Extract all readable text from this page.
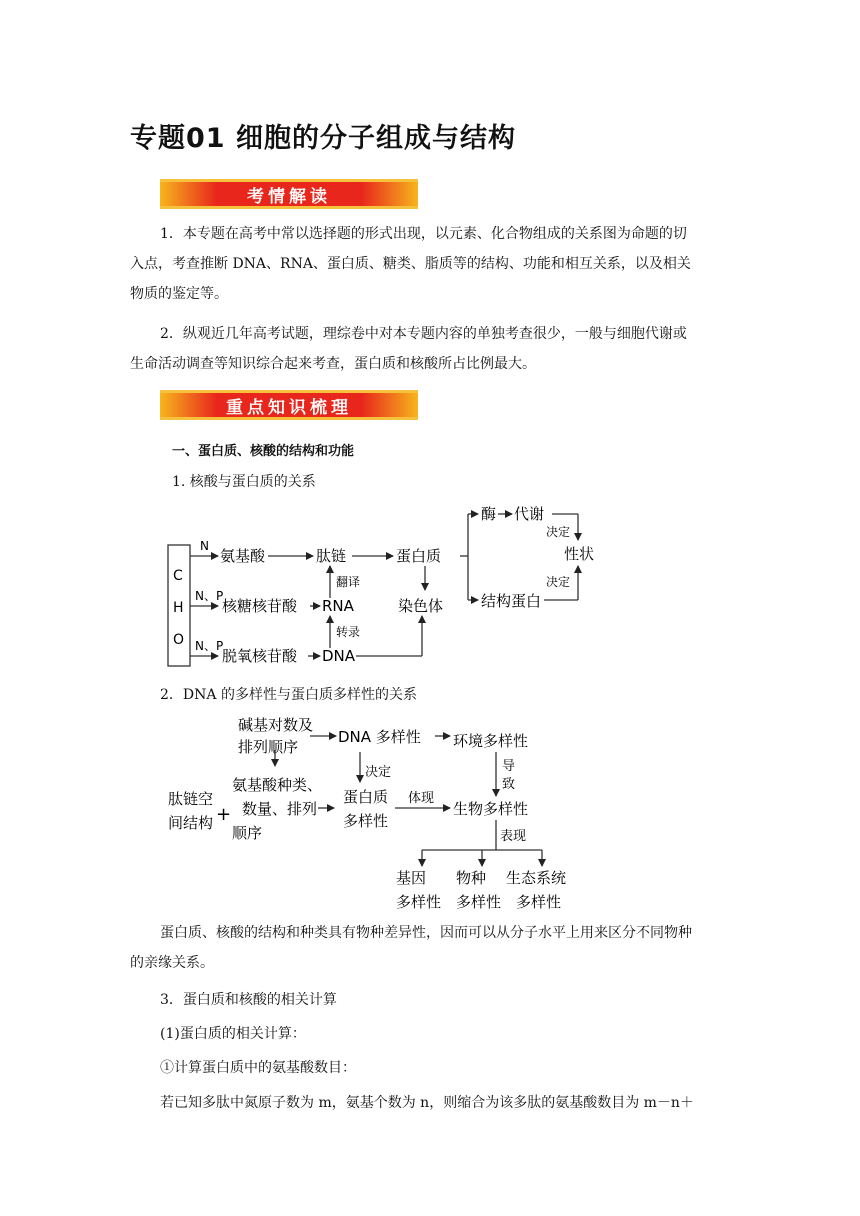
专题01 细胞的分子组成与结构
考情解读
1．本专题在高考中常以选择题的形式出现，以元素、化合物组成的关系图为命题的切
入点，考查推断 DNA、RNA、蛋白质、糖类、脂质等的结构、功能和相互关系，以及相关
物质的鉴定等。
2．纵观近几年高考试题，理综卷中对本专题内容的单独考查很少，一般与细胞代谢或
生命活动调查等知识综合起来考查，蛋白质和核酸所占比例最大。
重点知识梳理
一、蛋白质、核酸的结构和功能
1. 核酸与蛋白质的关系
C
H
O
N
N、P
N、P
氨基酸	肽链	蛋白质
酶 代谢
决定
性状
决定
结构蛋白
核糖核苷酸 RNA
翻译
染色体
脱氧核苷酸 DNA
转录
2．DNA 的多样性与蛋白质多样性的关系
碱基对数及
排列顺序
DNA 多样性 环境多样性
氨基酸种类、
数量、排列
顺序
决定	导
致
肽链空
间结构 +
蛋白质
多样性
体现
生物多样性
表现
基因
多样性
物种
多样性
生态系统
多样性
蛋白质、核酸的结构和种类具有物种差异性，因而可以从分子水平上用来区分不同物种
的亲缘关系。
3．蛋白质和核酸的相关计算
(1)蛋白质的相关计算：
①计算蛋白质中的氨基酸数目：
若已知多肽中氮原子数为 m，氨基个数为 n，则缩合为该多肽的氨基酸数目为 m－n＋
